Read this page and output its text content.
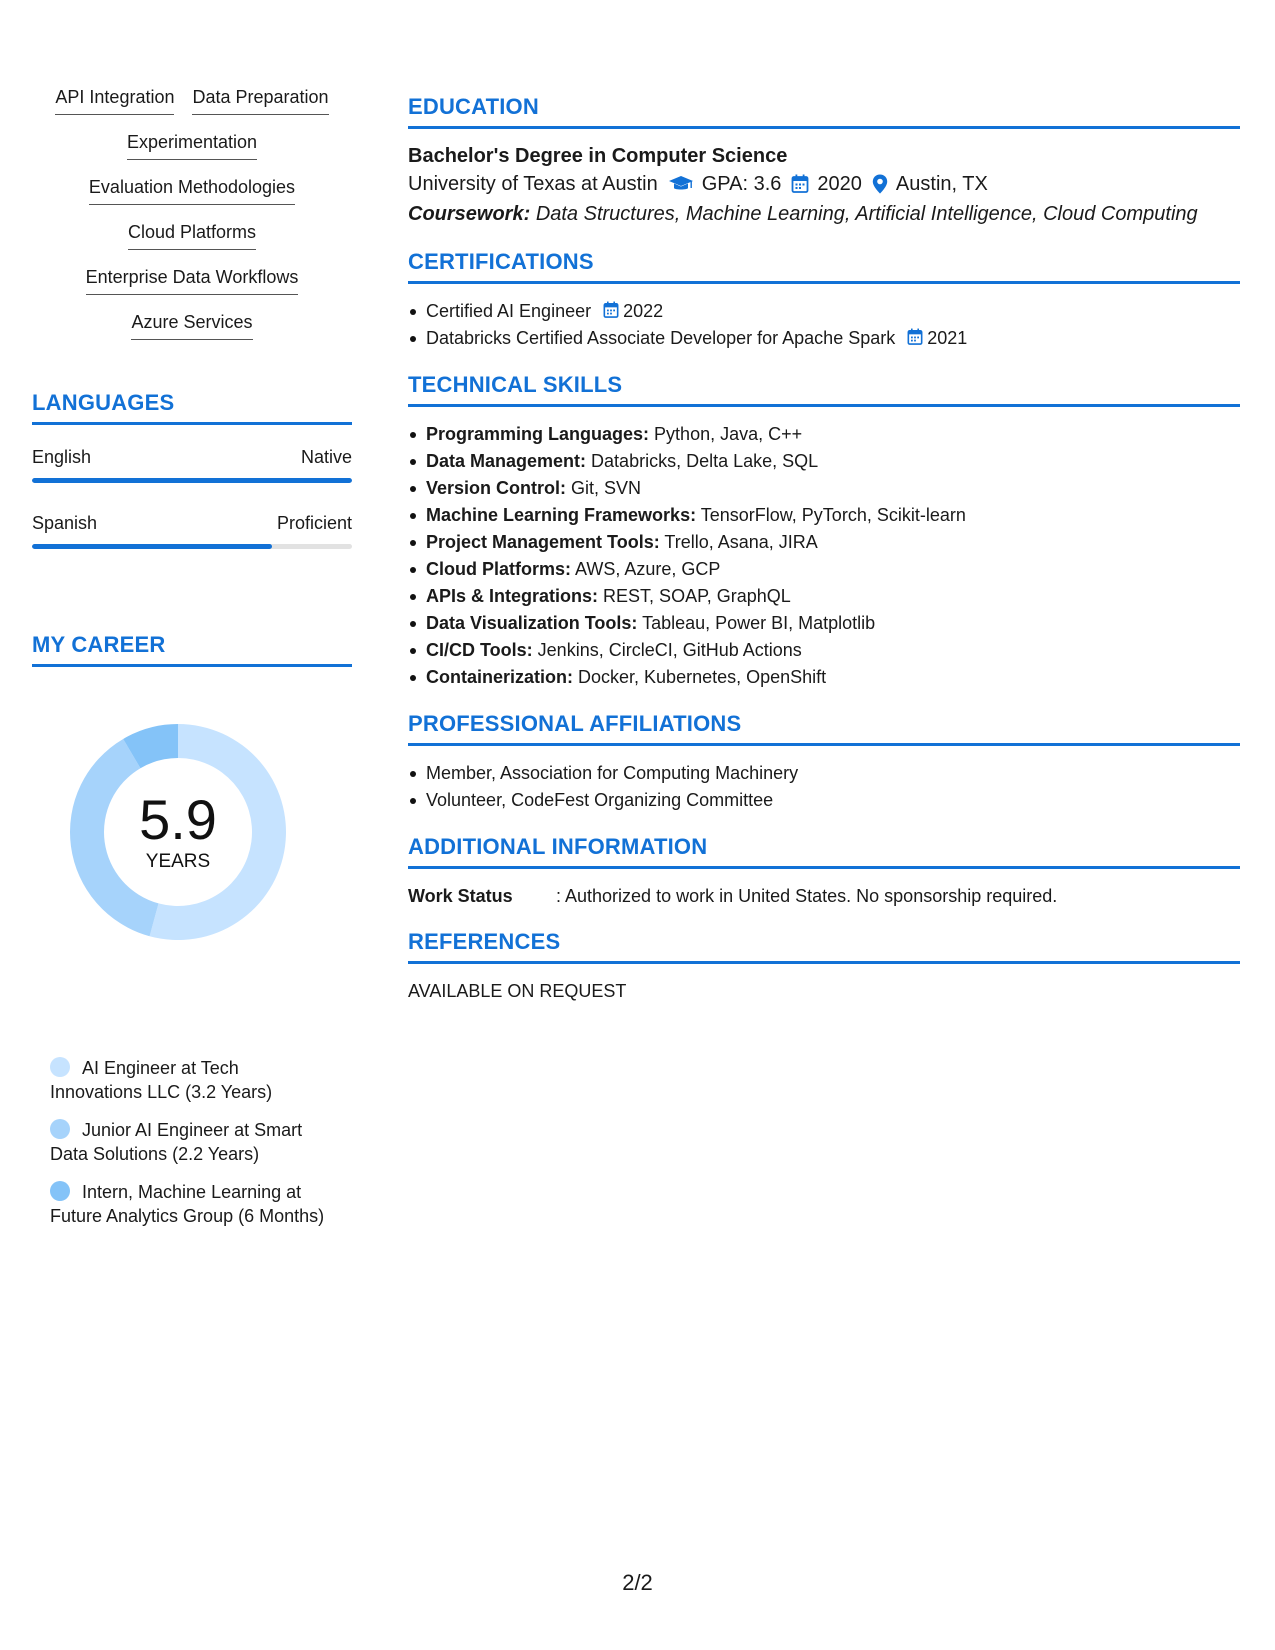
API Integration Data Preparation
Experimentation
Evaluation Methodologies
Cloud Platforms
Enterprise Data Workflows
Azure Services
LANGUAGES
English	Native
Spanish	Proficient
MY CAREER
5.9
YEARS
AI Engineer at Tech Innovations LLC (3.2 Years)
Junior AI Engineer at Smart Data Solutions (2.2 Years)
Intern, Machine Learning at Future Analytics Group (6 Months)
EDUCATION
Bachelor's Degree in Computer Science
University of Texas at Austin GPA: 3.6 2020 Austin, TX
Coursework: Data Structures, Machine Learning, Artificial Intelligence, Cloud Computing
CERTIFICATIONS
Certified AI Engineer 2022
Databricks Certified Associate Developer for Apache Spark 2021
TECHNICAL SKILLS
Programming Languages: Python, Java, C++
Data Management: Databricks, Delta Lake, SQL
Version Control: Git, SVN
Machine Learning Frameworks: TensorFlow, PyTorch, Scikit-learn
Project Management Tools: Trello, Asana, JIRA
Cloud Platforms: AWS, Azure, GCP
APIs & Integrations: REST, SOAP, GraphQL
Data Visualization Tools: Tableau, Power BI, Matplotlib
CI/CD Tools: Jenkins, CircleCI, GitHub Actions
Containerization: Docker, Kubernetes, OpenShift
PROFESSIONAL AFFILIATIONS
Member, Association for Computing Machinery
Volunteer, CodeFest Organizing Committee
ADDITIONAL INFORMATION
Work Status	: Authorized to work in United States. No sponsorship required.
REFERENCES
AVAILABLE ON REQUEST
2/2
